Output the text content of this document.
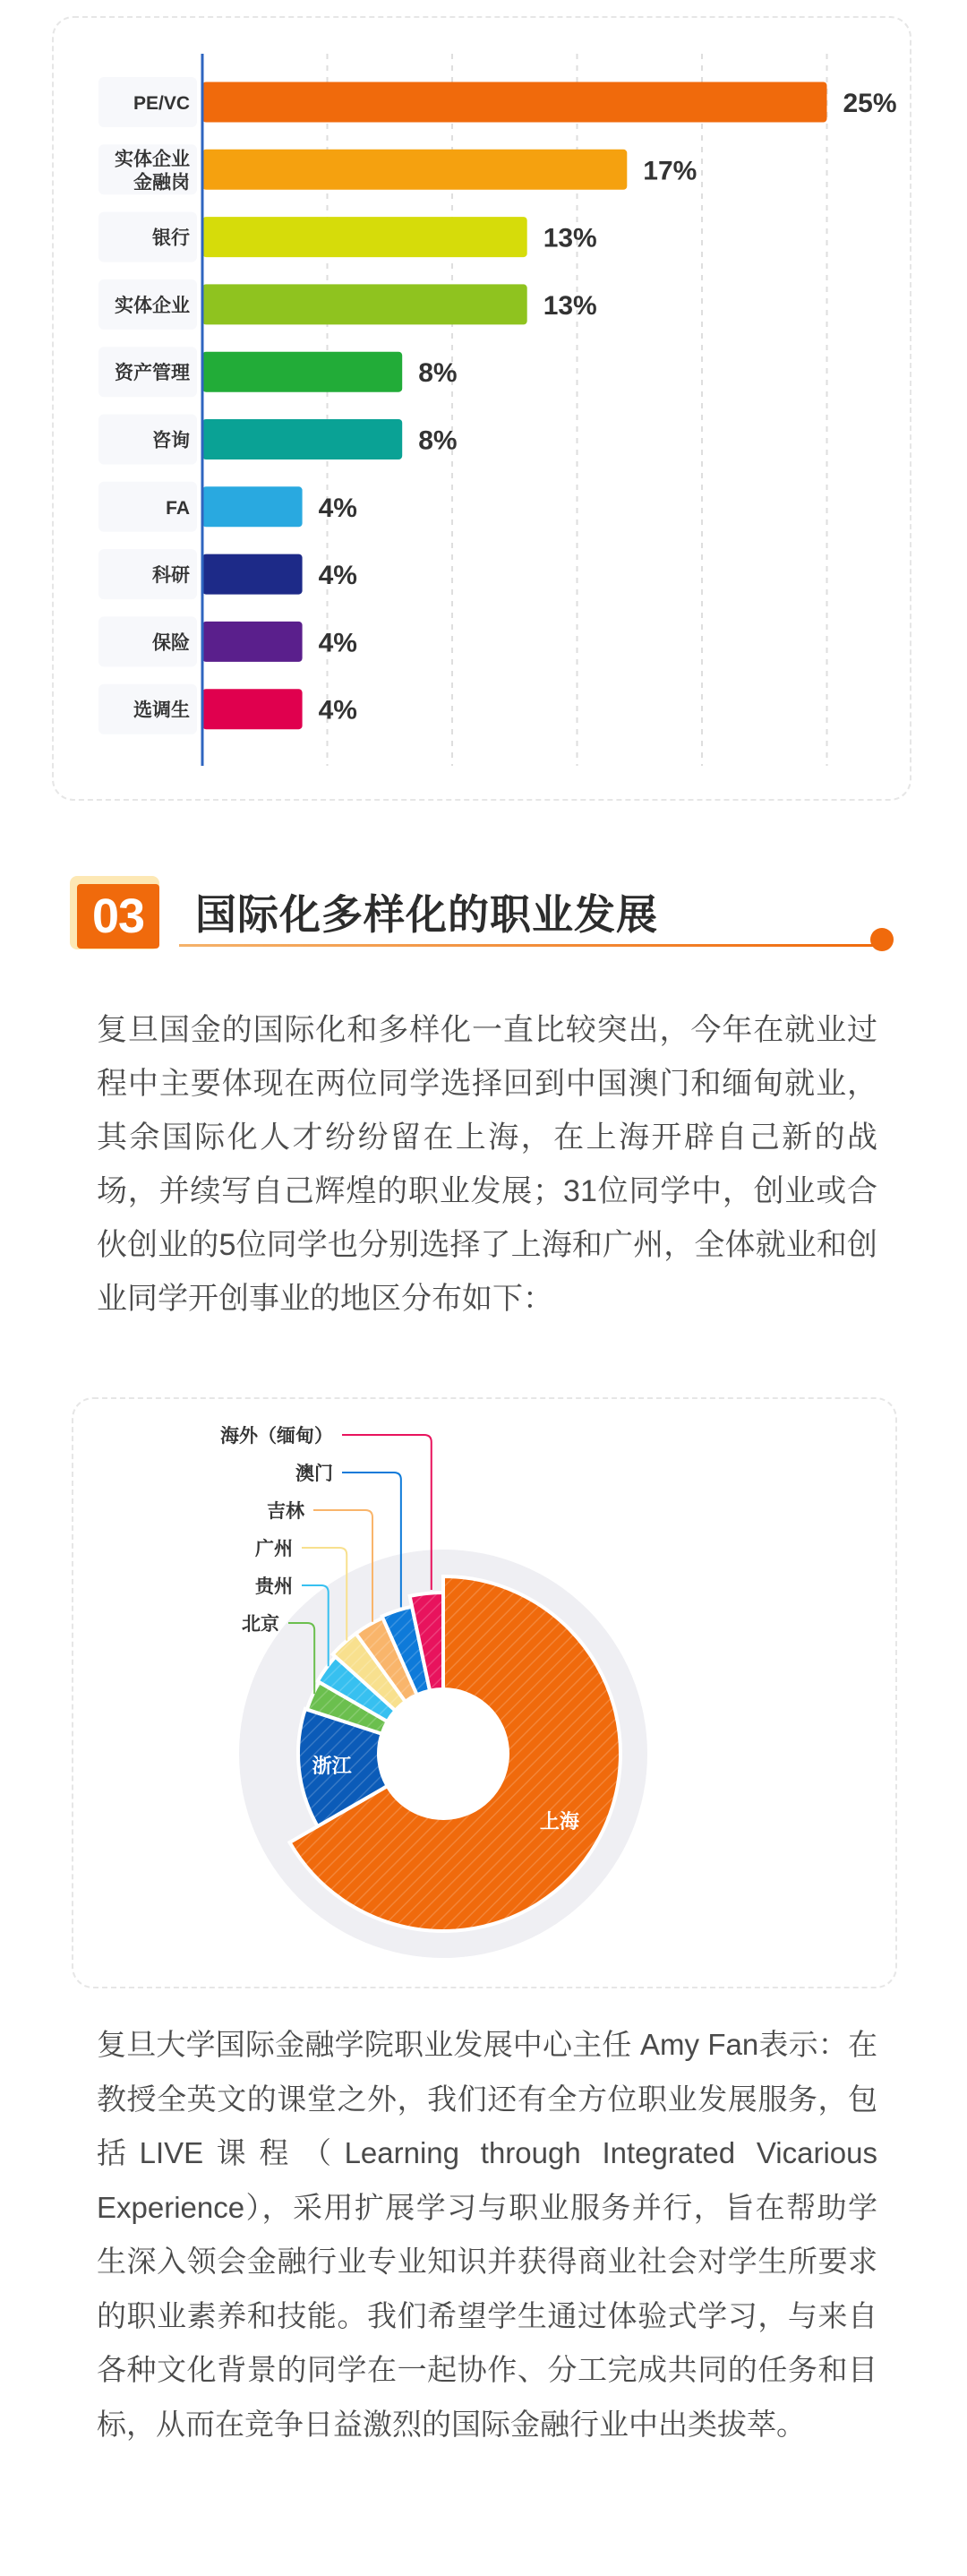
PE/VC	25%
实体企业金融岗	17%
银行	13%
实体企业	13%
资产管理	8%
咨询	8%
FA	4%
科研	4%
保险	4%
选调生	4%
03	国际化多样化的职业发展
复旦国金的国际化和多样化一直比较突出，今年在就业过程中主要体现在两位同学选择回到中国澳门和缅甸就业，其余国际化人才纷纷留在上海，在上海开辟自己新的战场，并续写自己辉煌的职业发展；31位同学中，创业或合伙创业的5位同学也分别选择了上海和广州，全体就业和创业同学开创事业的地区分布如下：
上海
浙江
海外（缅甸）
澳门
吉林
广州
贵州
北京
复旦大学国际金融学院职业发展中心主任 Amy Fan表示：在教授全英文的课堂之外，我们还有全方位职业发展服务，包括LIVE课程（Learning through Integrated Vicarious Experience），采用扩展学习与职业服务并行，旨在帮助学生深入领会金融行业专业知识并获得商业社会对学生所要求的职业素养和技能。我们希望学生通过体验式学习，与来自各种文化背景的同学在一起协作、分工完成共同的任务和目标，从而在竞争日益激烈的国际金融行业中出类拔萃。
